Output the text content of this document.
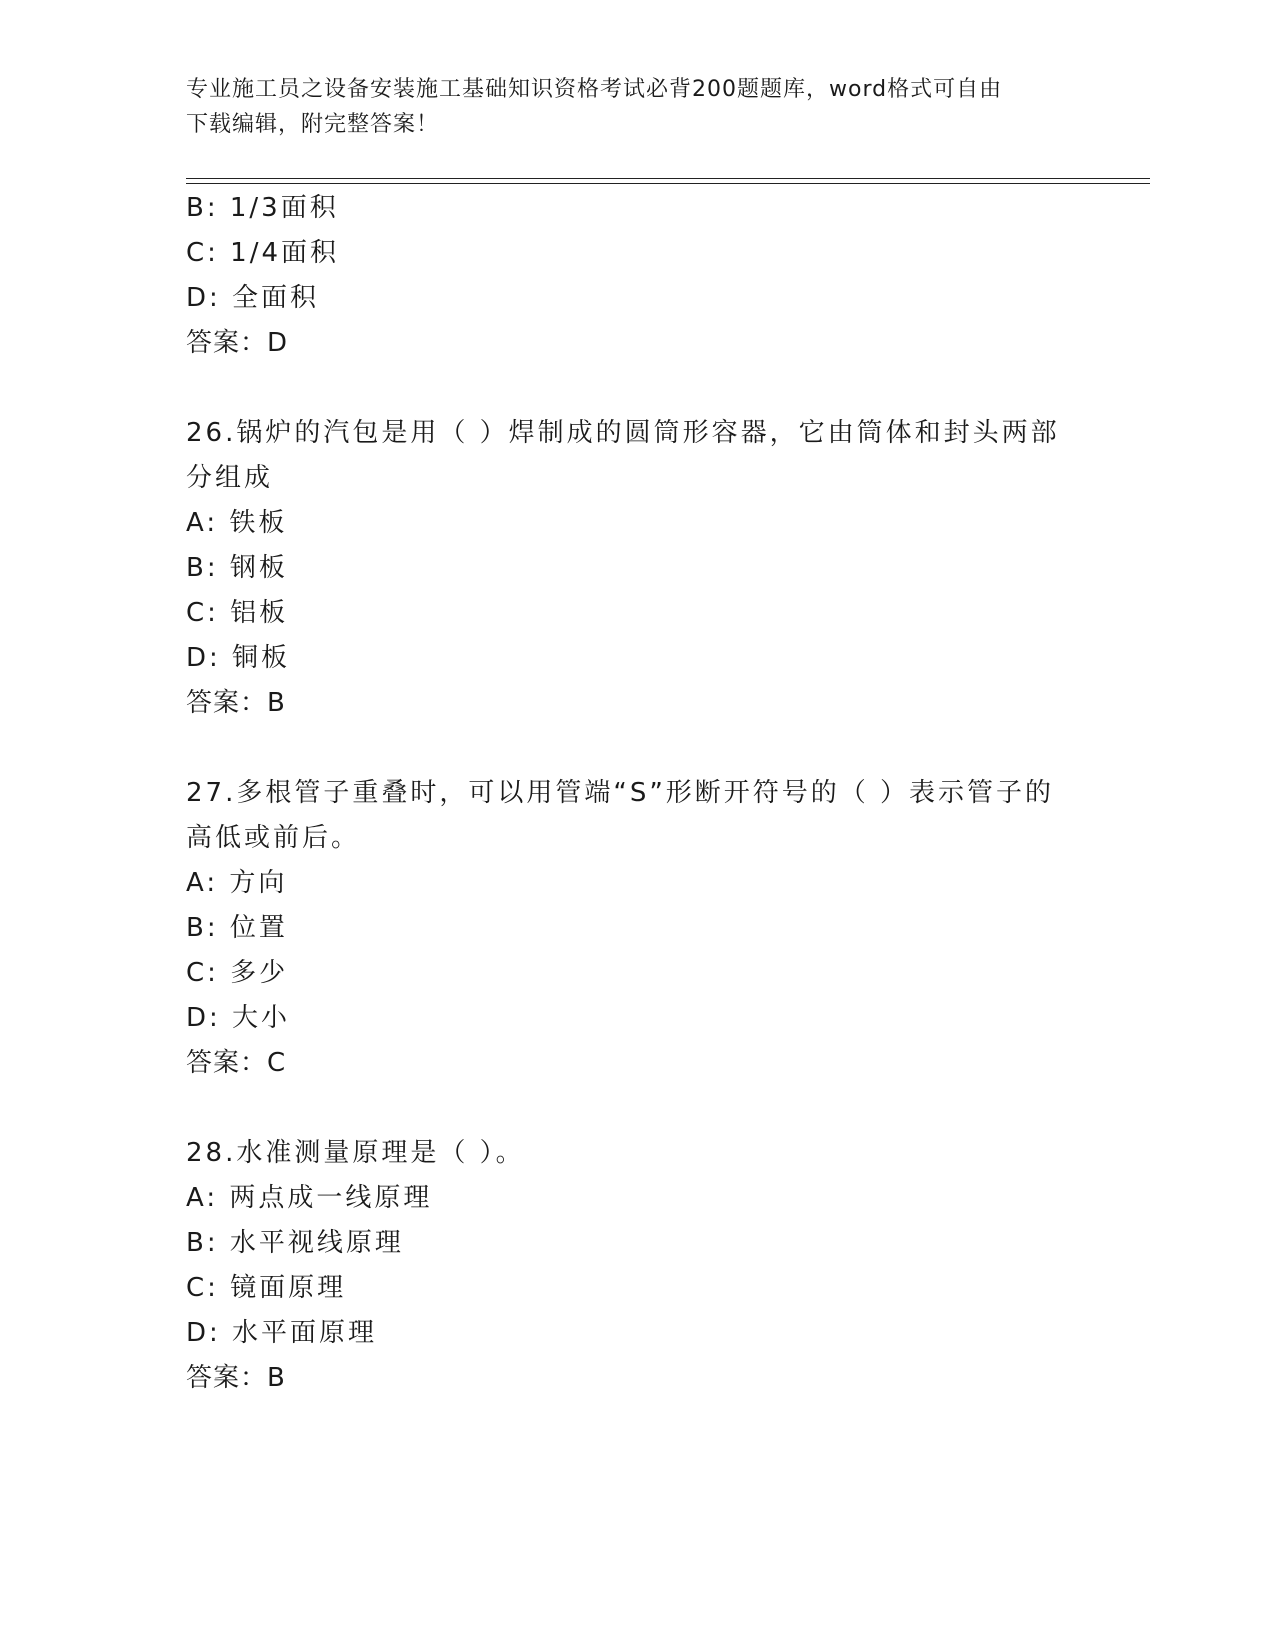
专业施工员之设备安装施工基础知识资格考试必背200题题库，word格式可自由
下载编辑，附完整答案！
B: 1/3面积
C: 1/4面积
D: 全面积
答案：D
26.锅炉的汽包是用（ ）焊制成的圆筒形容器，它由筒体和封头两部
分组成
A: 铁板
B: 钢板
C: 铝板
D: 铜板
答案：B
27.多根管子重叠时，可以用管端“S”形断开符号的（ ）表示管子的
高低或前后。
A: 方向
B: 位置
C: 多少
D: 大小
答案：C
28.水准测量原理是（ ）。
A: 两点成一线原理
B: 水平视线原理
C: 镜面原理
D: 水平面原理
答案：B
